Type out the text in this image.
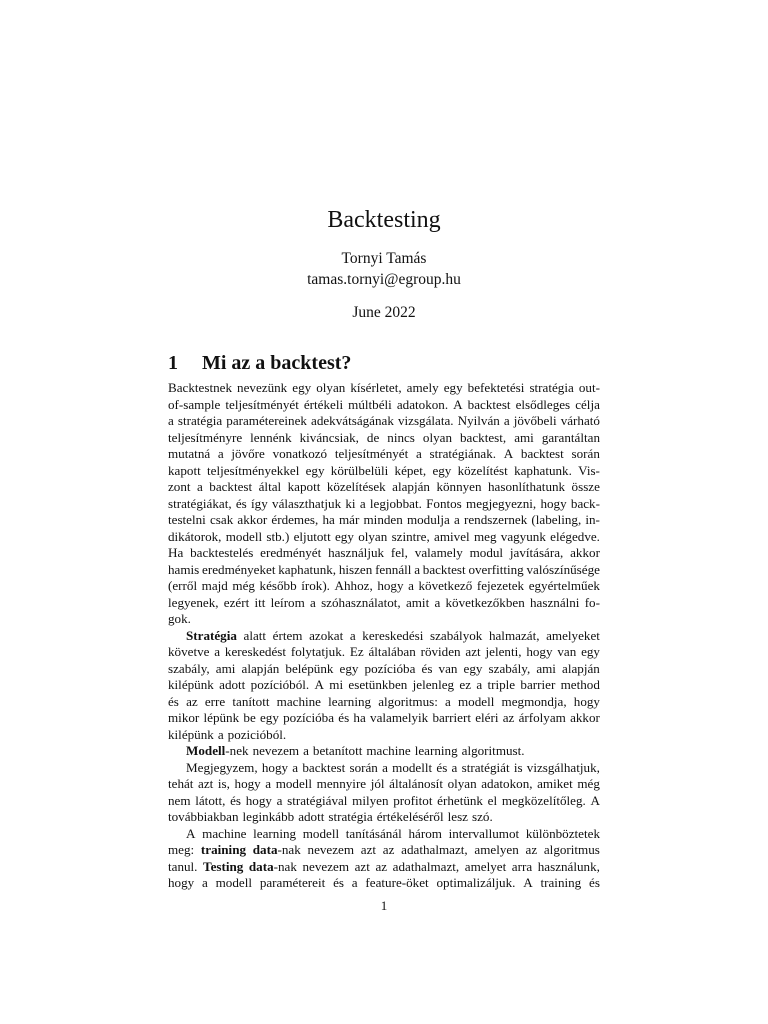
Backtesting
Tornyi Tamás
tamas.tornyi@egroup.hu
June 2022
1 Mi az a backtest?
Backtestnek nevezünk egy olyan kísérletet, amely egy befektetési stratégia out-
of-sample teljesítményét értékeli múltbéli adatokon. A backtest elsődleges célja
a stratégia paramétereinek adekvátságának vizsgálata. Nyilván a jövőbeli várható
teljesítményre lennénk kiváncsiak, de nincs olyan backtest, ami garantáltan
mutatná a jövőre vonatkozó teljesítményét a stratégiának. A backtest során
kapott teljesítményekkel egy körülbelüli képet, egy közelítést kaphatunk. Vis-
zont a backtest által kapott közelítések alapján könnyen hasonlíthatunk össze
stratégiákat, és így választhatjuk ki a legjobbat. Fontos megjegyezni, hogy back-
testelni csak akkor érdemes, ha már minden modulja a rendszernek (labeling, in-
dikátorok, modell stb.) eljutott egy olyan szintre, amivel meg vagyunk elégedve.
Ha backtestelés eredményét használjuk fel, valamely modul javítására, akkor
hamis eredményeket kaphatunk, hiszen fennáll a backtest overfitting valószínűsége
(erről majd még később írok). Ahhoz, hogy a következő fejezetek egyértelműek
legyenek, ezért itt leírom a szóhasználatot, amit a következőkben használni fo-
gok.
Stratégia alatt értem azokat a kereskedési szabályok halmazát, amelyeket
követve a kereskedést folytatjuk. Ez általában röviden azt jelenti, hogy van egy
szabály, ami alapján belépünk egy pozícióba és van egy szabály, ami alapján
kilépünk adott pozícióból. A mi esetünkben jelenleg ez a triple barrier method
és az erre tanított machine learning algoritmus: a modell megmondja, hogy
mikor lépünk be egy pozícióba és ha valamelyik barriert eléri az árfolyam akkor
kilépünk a pozicióból.
Modell-nek nevezem a betanított machine learning algoritmust.
Megjegyzem, hogy a backtest során a modellt és a stratégiát is vizsgálhatjuk,
tehát azt is, hogy a modell mennyire jól általánosít olyan adatokon, amiket még
nem látott, és hogy a stratégiával milyen profitot érhetünk el megközelítőleg. A
továbbiakban leginkább adott stratégia értékeléséről lesz szó.
A machine learning modell tanításánál három intervallumot különböztetek
meg: training data-nak nevezem azt az adathalmazt, amelyen az algoritmus
tanul. Testing data-nak nevezem azt az adathalmazt, amelyet arra használunk,
hogy a modell paramétereit és a feature-öket optimalizáljuk. A training és
1
